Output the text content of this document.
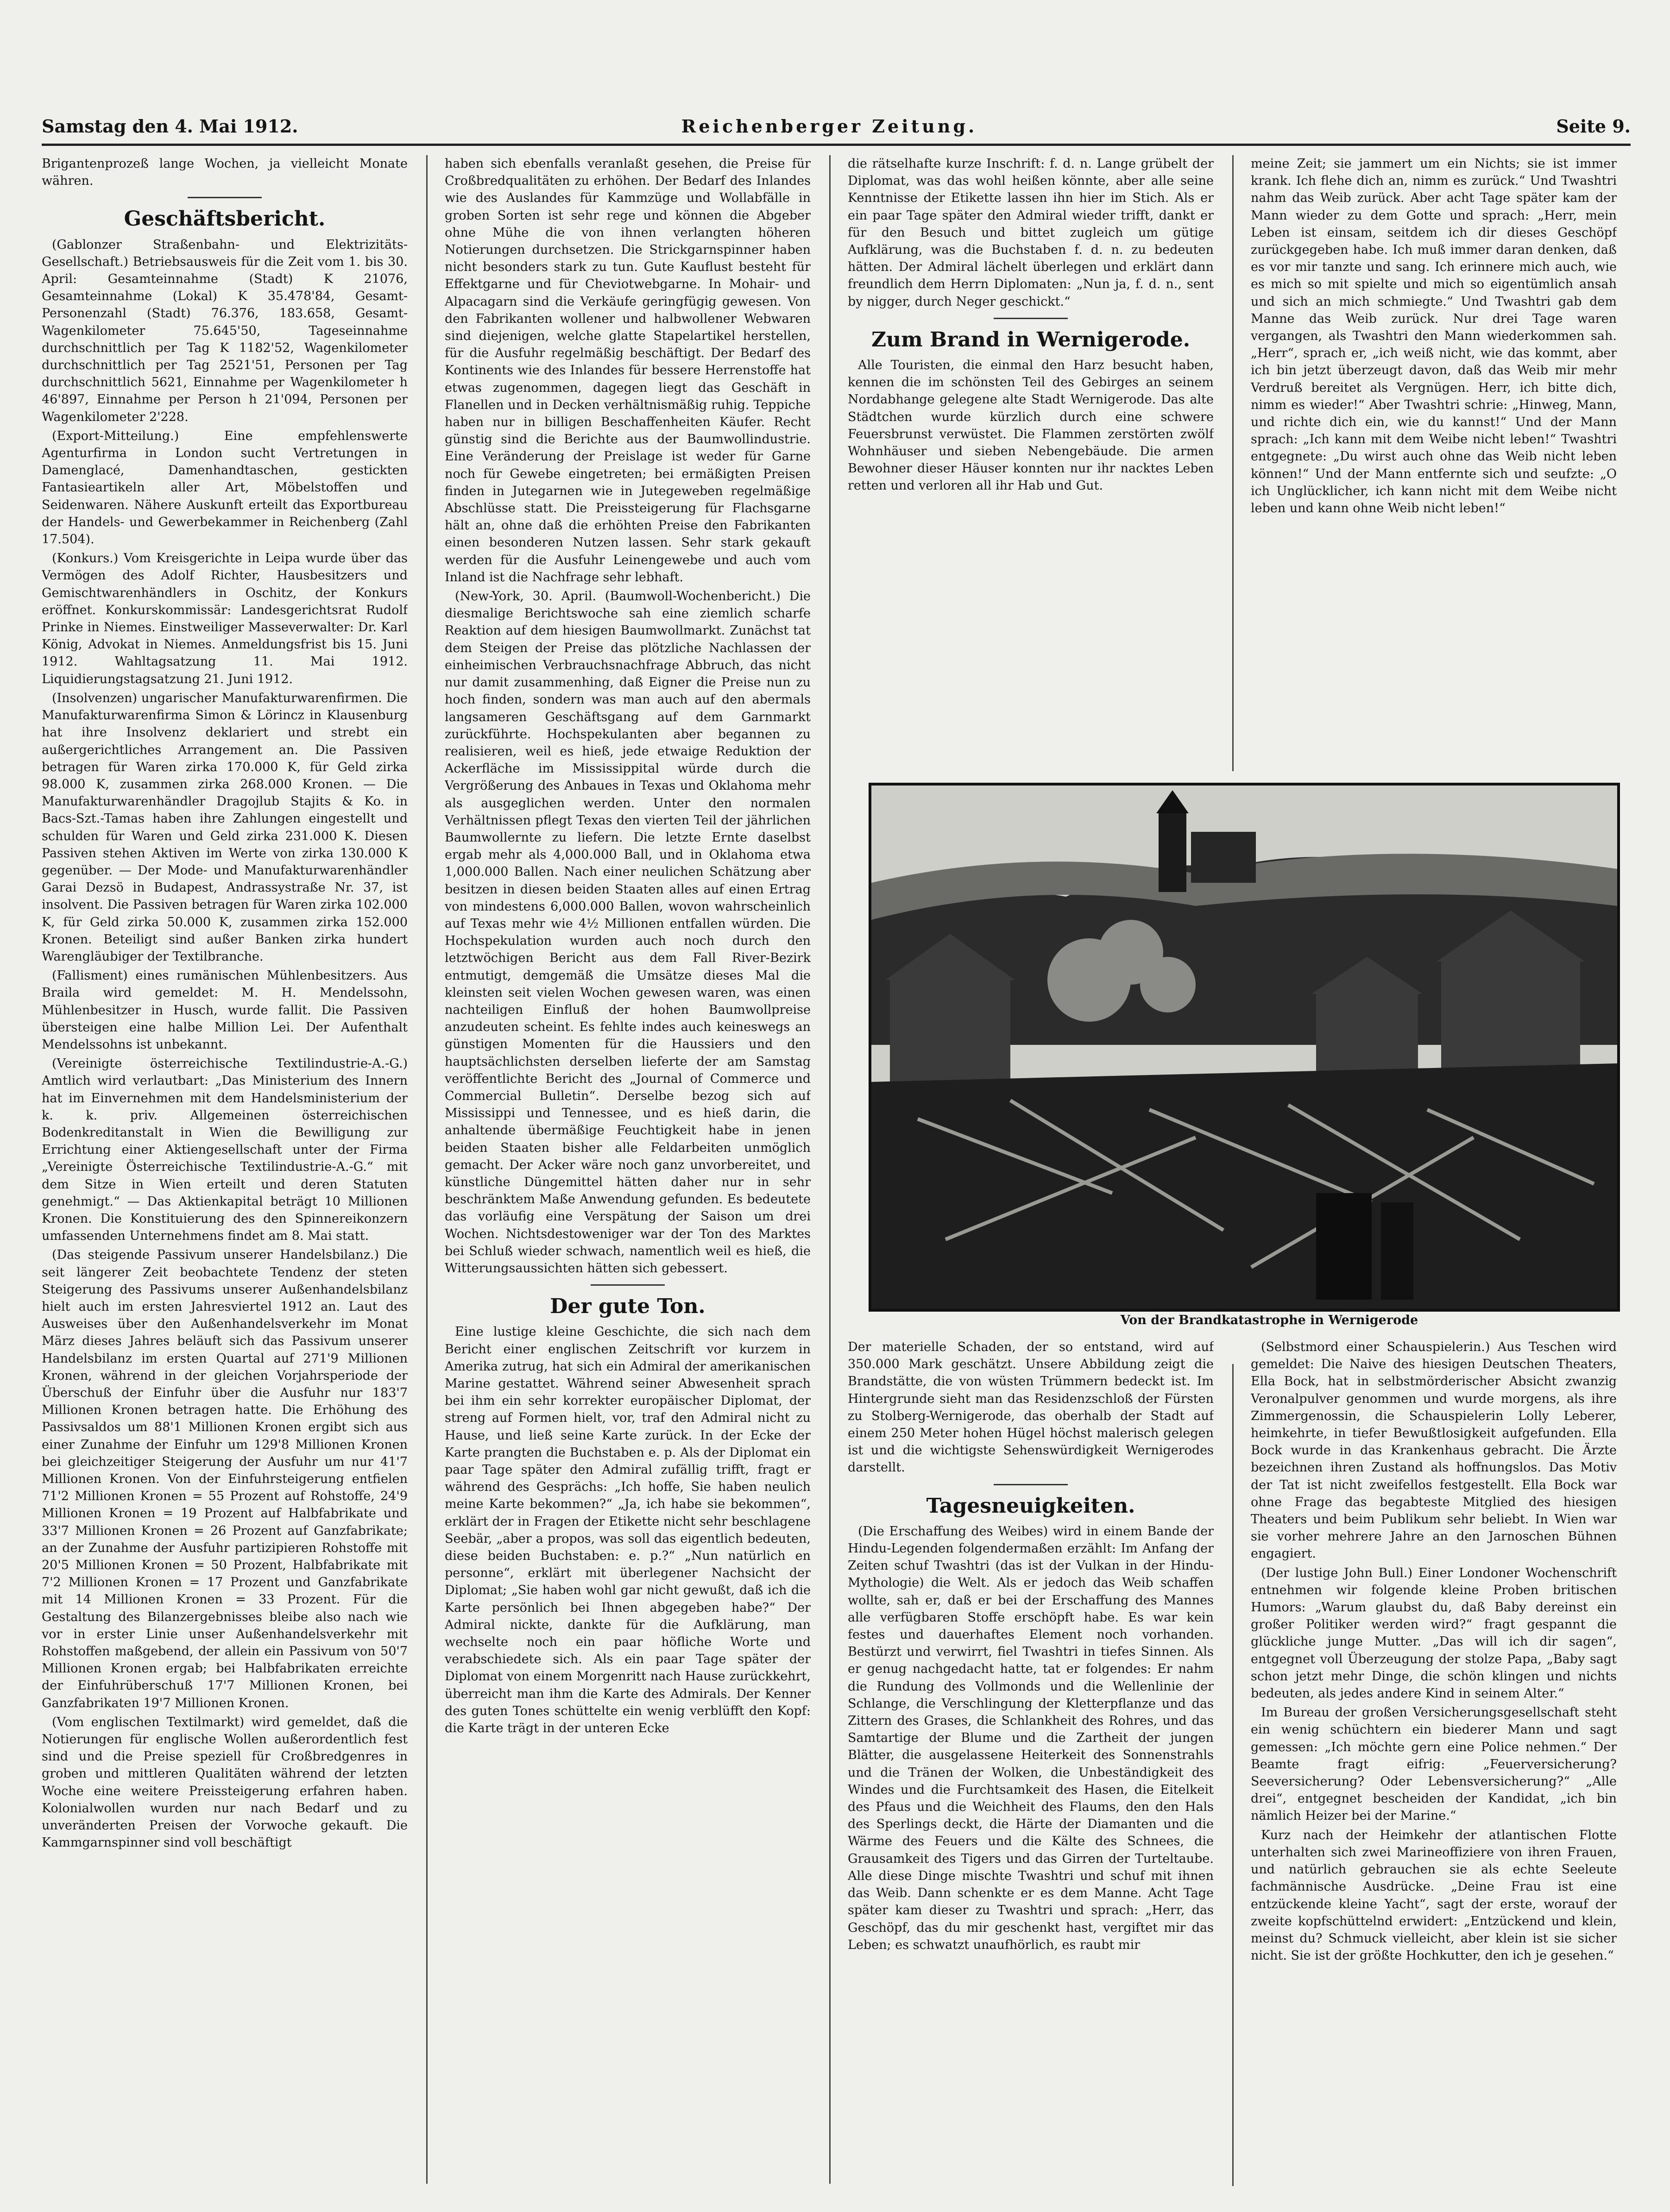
Samstag den 4. Mai 1912.	Reichenberger Zeitung.	Seite 9.

Brigantenprozeß lange Wochen, ja vielleicht Monate währen.

Geschäftsbericht.

(Gablonzer Straßenbahn- und Elektrizitäts-Gesellschaft.) Betriebsausweis für die Zeit vom 1. bis 30. April: Gesamteinnahme (Stadt) K 21076, Gesamteinnahme (Lokal) K 35.478'84, Gesamt-Personenzahl (Stadt) 76.376, 183.658, Gesamt-Wagenkilometer 75.645'50, Tageseinnahme durchschnittlich per Tag K 1182'52, Wagenkilometer durchschnittlich per Tag 2521'51, Personen per Tag durchschnittlich 5621, Einnahme per Wagenkilometer h 46'897, Einnahme per Person h 21'094, Personen per Wagenkilometer 2'228.

(Export-Mitteilung.) Eine empfehlenswerte Agenturfirma in London sucht Vertretungen in Damenglacé, Damenhandtaschen, gestickten Fantasieartikeln aller Art, Möbelstoffen und Seidenwaren. Nähere Auskunft erteilt das Exportbureau der Handels- und Gewerbekammer in Reichenberg (Zahl 17.504).

(Konkurs.) Vom Kreisgerichte in Leipa wurde über das Vermögen des Adolf Richter, Hausbesitzers und Gemischtwarenhändlers in Oschitz, der Konkurs eröffnet. Konkurskommissär: Landesgerichtsrat Rudolf Prinke in Niemes. Einstweiliger Masseverwalter: Dr. Karl König, Advokat in Niemes. Anmeldungsfrist bis 15. Juni 1912. Wahltagsatzung 11. Mai 1912. Liquidierungstagsatzung 21. Juni 1912.

(Insolvenzen) ungarischer Manufakturwarenfirmen. Die Manufakturwarenfirma Simon & Lörincz in Klausenburg hat ihre Insolvenz deklariert und strebt ein außergerichtliches Arrangement an. Die Passiven betragen für Waren zirka 170.000 K, für Geld zirka 98.000 K, zusammen zirka 268.000 Kronen. — Die Manufakturwarenhändler Dragojlub Stajits & Ko. in Bacs-Szt.-Tamas haben ihre Zahlungen eingestellt und schulden für Waren und Geld zirka 231.000 K. Diesen Passiven stehen Aktiven im Werte von zirka 130.000 K gegenüber. — Der Mode- und Manufakturwarenhändler Garai Dezsö in Budapest, Andrassystraße Nr. 37, ist insolvent. Die Passiven betragen für Waren zirka 102.000 K, für Geld zirka 50.000 K, zusammen zirka 152.000 Kronen. Beteiligt sind außer Banken zirka hundert Warengläubiger der Textilbranche.

(Fallisment) eines rumänischen Mühlenbesitzers. Aus Braila wird gemeldet: M. H. Mendelssohn, Mühlenbesitzer in Husch, wurde fallit. Die Passiven übersteigen eine halbe Million Lei. Der Aufenthalt Mendelssohns ist unbekannt.

(Vereinigte österreichische Textilindustrie-A.-G.) Amtlich wird verlautbart: „Das Ministerium des Innern hat im Einvernehmen mit dem Handelsministerium der k. k. priv. Allgemeinen österreichischen Bodenkreditanstalt in Wien die Bewilligung zur Errichtung einer Aktiengesellschaft unter der Firma „Vereinigte Österreichische Textilindustrie-A.-G.“ mit dem Sitze in Wien erteilt und deren Statuten genehmigt.“ — Das Aktienkapital beträgt 10 Millionen Kronen. Die Konstituierung des den Spinnereikonzern umfassenden Unternehmens findet am 8. Mai statt.

(Das steigende Passivum unserer Handelsbilanz.) Die seit längerer Zeit beobachtete Tendenz der steten Steigerung des Passivums unserer Außenhandelsbilanz hielt auch im ersten Jahresviertel 1912 an. Laut des Ausweises über den Außenhandelsverkehr im Monat März dieses Jahres beläuft sich das Passivum unserer Handelsbilanz im ersten Quartal auf 271'9 Millionen Kronen, während in der gleichen Vorjahrsperiode der Überschuß der Einfuhr über die Ausfuhr nur 183'7 Millionen Kronen betragen hatte. Die Erhöhung des Passivsaldos um 88'1 Millionen Kronen ergibt sich aus einer Zunahme der Einfuhr um 129'8 Millionen Kronen bei gleichzeitiger Steigerung der Ausfuhr um nur 41'7 Millionen Kronen. Von der Einfuhrsteigerung entfielen 71'2 Millionen Kronen = 55 Prozent auf Rohstoffe, 24'9 Millionen Kronen = 19 Prozent auf Halbfabrikate und 33'7 Millionen Kronen = 26 Prozent auf Ganzfabrikate; an der Zunahme der Ausfuhr partizipieren Rohstoffe mit 20'5 Millionen Kronen = 50 Prozent, Halbfabrikate mit 7'2 Millionen Kronen = 17 Prozent und Ganzfabrikate mit 14 Millionen Kronen = 33 Prozent. Für die Gestaltung des Bilanzergebnisses bleibe also nach wie vor in erster Linie unser Außenhandelsverkehr mit Rohstoffen maßgebend, der allein ein Passivum von 50'7 Millionen Kronen ergab; bei Halbfabrikaten erreichte der Einfuhrüberschuß 17'7 Millionen Kronen, bei Ganzfabrikaten 19'7 Millionen Kronen.

(Vom englischen Textilmarkt) wird gemeldet, daß die Notierungen für englische Wollen außerordentlich fest sind und die Preise speziell für Croßbredgenres in groben und mittleren Qualitäten während der letzten Woche eine weitere Preissteigerung erfahren haben. Kolonialwollen wurden nur nach Bedarf und zu unveränderten Preisen der Vorwoche gekauft. Die Kammgarnspinner sind voll beschäftigt

haben sich ebenfalls veranlaßt gesehen, die Preise für Croßbredqualitäten zu erhöhen. Der Bedarf des Inlandes wie des Auslandes für Kammzüge und Wollabfälle in groben Sorten ist sehr rege und können die Abgeber ohne Mühe die von ihnen verlangten höheren Notierungen durchsetzen. Die Strickgarnspinner haben nicht besonders stark zu tun. Gute Kauflust besteht für Effektgarne und für Cheviotwebgarne. In Mohair- und Alpacagarn sind die Verkäufe geringfügig gewesen. Von den Fabrikanten wollener und halbwollener Webwaren sind diejenigen, welche glatte Stapelartikel herstellen, für die Ausfuhr regelmäßig beschäftigt. Der Bedarf des Kontinents wie des Inlandes für bessere Herrenstoffe hat etwas zugenommen, dagegen liegt das Geschäft in Flanellen und in Decken verhältnismäßig ruhig. Teppiche haben nur in billigen Beschaffenheiten Käufer. Recht günstig sind die Berichte aus der Baumwollindustrie. Eine Veränderung der Preislage ist weder für Garne noch für Gewebe eingetreten; bei ermäßigten Preisen finden in Jutegarnen wie in Jutegeweben regelmäßige Abschlüsse statt. Die Preissteigerung für Flachsgarne hält an, ohne daß die erhöhten Preise den Fabrikanten einen besonderen Nutzen lassen. Sehr stark gekauft werden für die Ausfuhr Leinengewebe und auch vom Inland ist die Nachfrage sehr lebhaft.

(New-York, 30. April. (Baumwoll-Wochenbericht.) Die diesmalige Berichtswoche sah eine ziemlich scharfe Reaktion auf dem hiesigen Baumwollmarkt. Zunächst tat dem Steigen der Preise das plötzliche Nachlassen der einheimischen Verbrauchsnachfrage Abbruch, das nicht nur damit zusammenhing, daß Eigner die Preise nun zu hoch finden, sondern was man auch auf den abermals langsameren Geschäftsgang auf dem Garnmarkt zurückführte. Hochspekulanten aber begannen zu realisieren, weil es hieß, jede etwaige Reduktion der Ackerfläche im Mississippital würde durch die Vergrößerung des Anbaues in Texas und Oklahoma mehr als ausgeglichen werden. Unter den normalen Verhältnissen pflegt Texas den vierten Teil der jährlichen Baumwollernte zu liefern. Die letzte Ernte daselbst ergab mehr als 4,000.000 Ball, und in Oklahoma etwa 1,000.000 Ballen. Nach einer neulichen Schätzung aber besitzen in diesen beiden Staaten alles auf einen Ertrag von mindestens 6,000.000 Ballen, wovon wahrscheinlich auf Texas mehr wie 4½ Millionen entfallen würden. Die Hochspekulation wurden auch noch durch den letztwöchigen Bericht aus dem Fall River-Bezirk entmutigt, demgemäß die Umsätze dieses Mal die kleinsten seit vielen Wochen gewesen waren, was einen nachteiligen Einfluß der hohen Baumwollpreise anzudeuten scheint. Es fehlte indes auch keineswegs an günstigen Momenten für die Haussiers und den hauptsächlichsten derselben lieferte der am Samstag veröffentlichte Bericht des „Journal of Commerce und Commercial Bulletin“. Derselbe bezog sich auf Mississippi und Tennessee, und es hieß darin, die anhaltende übermäßige Feuchtigkeit habe in jenen beiden Staaten bisher alle Feldarbeiten unmöglich gemacht. Der Acker wäre noch ganz unvorbereitet, und künstliche Düngemittel hätten daher nur in sehr beschränktem Maße Anwendung gefunden. Es bedeutete das vorläufig eine Verspätung der Saison um drei Wochen. Nichtsdestoweniger war der Ton des Marktes bei Schluß wieder schwach, namentlich weil es hieß, die Witterungsaussichten hätten sich gebessert.

Der gute Ton.

Eine lustige kleine Geschichte, die sich nach dem Bericht einer englischen Zeitschrift vor kurzem in Amerika zutrug, hat sich ein Admiral der amerikanischen Marine gestattet. Während seiner Abwesenheit sprach bei ihm ein sehr korrekter europäischer Diplomat, der streng auf Formen hielt, vor, traf den Admiral nicht zu Hause, und ließ seine Karte zurück. In der Ecke der Karte prangten die Buchstaben e. p. Als der Diplomat ein paar Tage später den Admiral zufällig trifft, fragt er während des Gesprächs: „Ich hoffe, Sie haben neulich meine Karte bekommen?“ „Ja, ich habe sie bekommen“, erklärt der in Fragen der Etikette nicht sehr beschlagene Seebär, „aber a propos, was soll das eigentlich bedeuten, diese beiden Buchstaben: e. p.?“ „Nun natürlich en personne“, erklärt mit überlegener Nachsicht der Diplomat; „Sie haben wohl gar nicht gewußt, daß ich die Karte persönlich bei Ihnen abgegeben habe?“ Der Admiral nickte, dankte für die Aufklärung, man wechselte noch ein paar höfliche Worte und verabschiedete sich. Als ein paar Tage später der Diplomat von einem Morgenritt nach Hause zurückkehrt, überreicht man ihm die Karte des Admirals. Der Kenner des guten Tones schüttelte ein wenig verblüfft den Kopf: die Karte trägt in der unteren Ecke

die rätselhafte kurze Inschrift: f. d. n. Lange grübelt der Diplomat, was das wohl heißen könnte, aber alle seine Kenntnisse der Etikette lassen ihn hier im Stich. Als er ein paar Tage später den Admiral wieder trifft, dankt er für den Besuch und bittet zugleich um gütige Aufklärung, was die Buchstaben f. d. n. zu bedeuten hätten. Der Admiral lächelt überlegen und erklärt dann freundlich dem Herrn Diplomaten: „Nun ja, f. d. n., sent by nigger, durch Neger geschickt.“

Zum Brand in Wernigerode.

Alle Touristen, die einmal den Harz besucht haben, kennen die im schönsten Teil des Gebirges an seinem Nordabhange gelegene alte Stadt Wernigerode. Das alte Städtchen wurde kürzlich durch eine schwere Feuersbrunst verwüstet. Die Flammen zerstörten zwölf Wohnhäuser und sieben Nebengebäude. Die armen Bewohner dieser Häuser konnten nur ihr nacktes Leben retten und verloren all ihr Hab und Gut.

meine Zeit; sie jammert um ein Nichts; sie ist immer krank. Ich flehe dich an, nimm es zurück.“ Und Twashtri nahm das Weib zurück. Aber acht Tage später kam der Mann wieder zu dem Gotte und sprach: „Herr, mein Leben ist einsam, seitdem ich dir dieses Geschöpf zurückgegeben habe. Ich muß immer daran denken, daß es vor mir tanzte und sang. Ich erinnere mich auch, wie es mich so mit spielte und mich so eigentümlich ansah und sich an mich schmiegte.“ Und Twashtri gab dem Manne das Weib zurück. Nur drei Tage waren vergangen, als Twashtri den Mann wiederkommen sah. „Herr“, sprach er, „ich weiß nicht, wie das kommt, aber ich bin jetzt überzeugt davon, daß das Weib mir mehr Verdruß bereitet als Vergnügen. Herr, ich bitte dich, nimm es wieder!“ Aber Twashtri schrie: „Hinweg, Mann, und richte dich ein, wie du kannst!“ Und der Mann sprach: „Ich kann mit dem Weibe nicht leben!“ Twashtri entgegnete: „Du wirst auch ohne das Weib nicht leben können!“ Und der Mann entfernte sich und seufzte: „O ich Unglücklicher, ich kann nicht mit dem Weibe nicht leben und kann ohne Weib nicht leben!“

Von der Brandkatastrophe in Wernigerode

Der materielle Schaden, der so entstand, wird auf 350.000 Mark geschätzt. Unsere Abbildung zeigt die Brandstätte, die von wüsten Trümmern bedeckt ist. Im Hintergrunde sieht man das Residenzschloß der Fürsten zu Stolberg-Wernigerode, das oberhalb der Stadt auf einem 250 Meter hohen Hügel höchst malerisch gelegen ist und die wichtigste Sehenswürdigkeit Wernigerodes darstellt.

Tagesneuigkeiten.

(Die Erschaffung des Weibes) wird in einem Bande der Hindu-Legenden folgendermaßen erzählt: Im Anfang der Zeiten schuf Twashtri (das ist der Vulkan in der Hindu-Mythologie) die Welt. Als er jedoch das Weib schaffen wollte, sah er, daß er bei der Erschaffung des Mannes alle verfügbaren Stoffe erschöpft habe. Es war kein festes und dauerhaftes Element noch vorhanden. Bestürzt und verwirrt, fiel Twashtri in tiefes Sinnen. Als er genug nachgedacht hatte, tat er folgendes: Er nahm die Rundung des Vollmonds und die Wellenlinie der Schlange, die Verschlingung der Kletterpflanze und das Zittern des Grases, die Schlankheit des Rohres, und das Samtartige der Blume und die Zartheit der jungen Blätter, die ausgelassene Heiterkeit des Sonnenstrahls und die Tränen der Wolken, die Unbeständigkeit des Windes und die Furchtsamkeit des Hasen, die Eitelkeit des Pfaus und die Weichheit des Flaums, den den Hals des Sperlings deckt, die Härte der Diamanten und die Wärme des Feuers und die Kälte des Schnees, die Grausamkeit des Tigers und das Girren der Turteltaube. Alle diese Dinge mischte Twashtri und schuf mit ihnen das Weib. Dann schenkte er es dem Manne. Acht Tage später kam dieser zu Twashtri und sprach: „Herr, das Geschöpf, das du mir geschenkt hast, vergiftet mir das Leben; es schwatzt unaufhörlich, es raubt mir

(Selbstmord einer Schauspielerin.) Aus Teschen wird gemeldet: Die Naive des hiesigen Deutschen Theaters, Ella Bock, hat in selbstmörderischer Absicht zwanzig Veronalpulver genommen und wurde morgens, als ihre Zimmergenossin, die Schauspielerin Lolly Leberer, heimkehrte, in tiefer Bewußtlosigkeit aufgefunden. Ella Bock wurde in das Krankenhaus gebracht. Die Ärzte bezeichnen ihren Zustand als hoffnungslos. Das Motiv der Tat ist nicht zweifellos festgestellt. Ella Bock war ohne Frage das begabteste Mitglied des hiesigen Theaters und beim Publikum sehr beliebt. In Wien war sie vorher mehrere Jahre an den Jarnoschen Bühnen engagiert.

(Der lustige John Bull.) Einer Londoner Wochenschrift entnehmen wir folgende kleine Proben britischen Humors: „Warum glaubst du, daß Baby dereinst ein großer Politiker werden wird?“ fragt gespannt die glückliche junge Mutter. „Das will ich dir sagen“, entgegnet voll Überzeugung der stolze Papa, „Baby sagt schon jetzt mehr Dinge, die schön klingen und nichts bedeuten, als jedes andere Kind in seinem Alter.“

Im Bureau der großen Versicherungsgesellschaft steht ein wenig schüchtern ein biederer Mann und sagt gemessen: „Ich möchte gern eine Police nehmen.“ Der Beamte fragt eifrig: „Feuerversicherung? Seeversicherung? Oder Lebensversicherung?“ „Alle drei“, entgegnet bescheiden der Kandidat, „ich bin nämlich Heizer bei der Marine.“

Kurz nach der Heimkehr der atlantischen Flotte unterhalten sich zwei Marineoffiziere von ihren Frauen, und natürlich gebrauchen sie als echte Seeleute fachmännische Ausdrücke. „Deine Frau ist eine entzückende kleine Yacht“, sagt der erste, worauf der zweite kopfschüttelnd erwidert: „Entzückend und klein, meinst du? Schmuck vielleicht, aber klein ist sie sicher nicht. Sie ist der größte Hochkutter, den ich je gesehen.“
